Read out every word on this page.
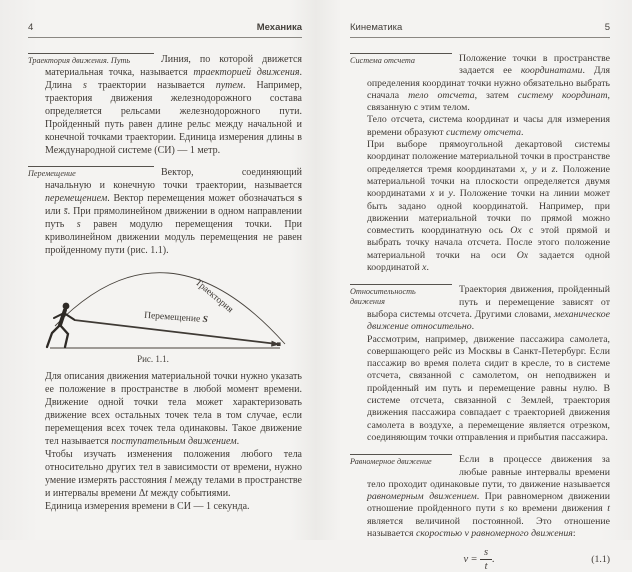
4	Механика

Траектория движения. Путь	Линия, по которой движется материальная точка, называется траекторией движения. Длина s траектории называется путем. Например, траектория движения железнодорожного состава определяется рельсами железнодорожного пути. Пройденный путь равен длине рельс между начальной и конечной точками траектории. Единица измерения длины в Международной системе (СИ) — 1 метр.

Перемещение	Вектор, соединяющий начальную и конечную точки траектории, называется перемещением. Вектор перемещения может обозначаться s или s̄. При прямолинейном движении в одном направлении путь s равен модулю перемещения точки. При криволинейном движении модуль перемещения не равен пройденному пути (рис. 1.1).

Траектория
Перемещение S
Рис. 1.1.

Для описания движения материальной точки нужно указать ее положение в пространстве в любой момент времени. Движение одной точки тела может характеризовать движение всех остальных точек тела в том случае, если перемещения всех точек тела одинаковы. Такое движение тел называется поступательным движением.

Чтобы изучать изменения положения любого тела относительно других тел в зависимости от времени, нужно умение измерять расстояния l между телами в пространстве и интервалы времени Δt между событиями.

Единица измерения времени в СИ — 1 секунда.

Кинематика	5

Система отсчета	Положение точки в пространстве задается ее координатами. Для определения координат точки нужно обязательно выбрать сначала тело отсчета, затем систему координат, связанную с этим телом.

Тело отсчета, система координат и часы для измерения времени образуют систему отсчета.

При выборе прямоугольной декартовой системы координат положение материальной точки в пространстве определяется тремя координатами x, y и z. Положение материальной точки на плоскости определяется двумя координатами x и y. Положение точки на линии может быть задано одной координатой. Например, при движении материальной точки по прямой можно совместить координатную ось Ox с этой прямой и выбрать точку начала отсчета. После этого положение материальной точки на оси Ox задается одной координатой x.

Относительность движения
Траектория движения, пройденный путь и перемещение зависят от выбора системы отсчета. Другими словами, механическое движение относительно.

Рассмотрим, например, движение пассажира самолета, совершающего рейс из Москвы в Санкт-Петербург. Если пассажир во время полета сидит в кресле, то в системе отсчета, связанной с самолетом, он неподвижен и пройденный им путь и перемещение равны нулю. В системе отсчета, связанной с Землей, траектория движения пассажира совпадает с траекторией движения самолета в воздухе, а перемещение является отрезком, соединяющим точки отправления и прибытия пассажира.

Равномерное движение	Если в процессе движения за любые равные интервалы времени тело проходит одинаковые пути, то движение называется равномерным движением. При равномерном движении отношение пройденного пути s ко времени движения t является величиной постоянной. Это отношение называется скоростью v равномерного движения:

$v = \frac{s}{t}$ .	(1.1)
